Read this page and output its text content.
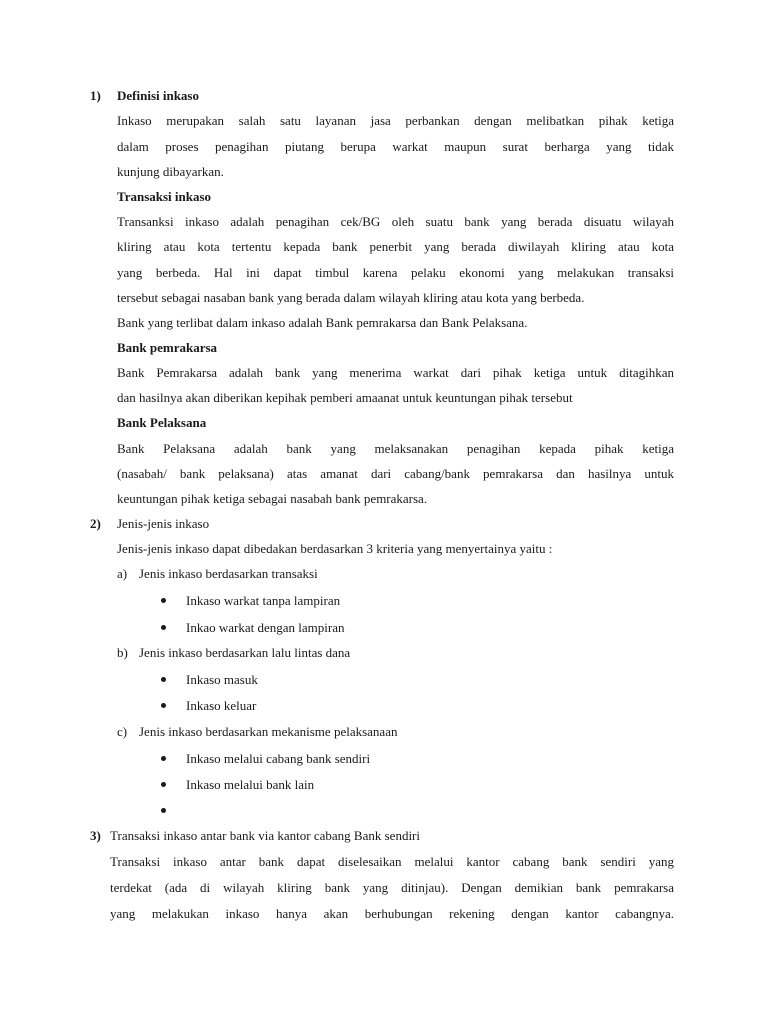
1) Definisi inkaso
Inkaso merupakan salah satu layanan jasa perbankan dengan melibatkan pihak ketiga
dalam proses penagihan piutang berupa warkat maupun surat berharga yang tidak
kunjung dibayarkan.
Transaksi inkaso
Transanksi inkaso adalah penagihan cek/BG oleh suatu bank yang berada disuatu wilayah
kliring atau kota tertentu kepada bank penerbit yang berada diwilayah kliring atau kota
yang berbeda. Hal ini dapat timbul karena pelaku ekonomi yang melakukan transaksi
tersebut sebagai nasaban bank yang berada dalam wilayah kliring atau kota yang berbeda.
Bank yang terlibat dalam inkaso adalah Bank pemrakarsa dan Bank Pelaksana.
Bank pemrakarsa
Bank Pemrakarsa adalah bank yang menerima warkat dari pihak ketiga untuk ditagihkan
dan hasilnya akan diberikan kepihak pemberi amaanat untuk keuntungan pihak tersebut
Bank Pelaksana
Bank Pelaksana adalah bank yang melaksanakan penagihan kepada pihak ketiga
(nasabah/ bank pelaksana) atas amanat dari cabang/bank pemrakarsa dan hasilnya untuk
keuntungan pihak ketiga sebagai nasabah bank pemrakarsa.
2) Jenis-jenis inkaso
Jenis-jenis inkaso dapat dibedakan berdasarkan 3 kriteria yang menyertainya yaitu :
a) Jenis inkaso berdasarkan transaksi
Inkaso warkat tanpa lampiran
Inkao warkat dengan lampiran
b) Jenis inkaso berdasarkan lalu lintas dana
Inkaso masuk
Inkaso keluar
c) Jenis inkaso berdasarkan mekanisme pelaksanaan
Inkaso melalui cabang bank sendiri
Inkaso melalui bank lain
3) Transaksi inkaso antar bank via kantor cabang Bank sendiri
Transaksi inkaso antar bank dapat diselesaikan melalui kantor cabang bank sendiri yang
terdekat (ada di wilayah kliring bank yang ditinjau). Dengan demikian bank pemrakarsa
yang melakukan inkaso hanya akan berhubungan rekening dengan kantor cabangnya.
